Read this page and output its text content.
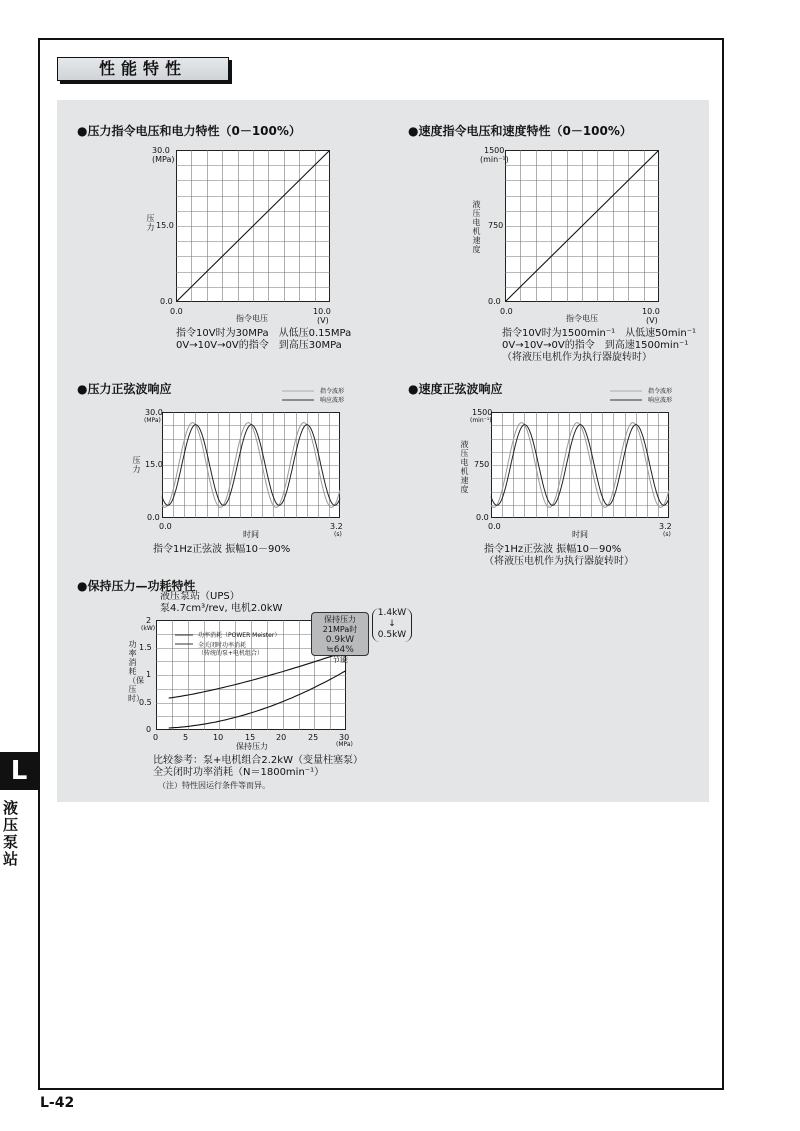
性能特性
●压力指令电压和电力特性（0－100%）
30.0
(MPa)
15.0
0.0
压力
0.0	10.0
(V)
指令电压
指令10V时为30MPa　从低压0.15MPa
0V→10V→0V的指令　到高压30MPa
●速度指令电压和速度特性（0－100%）
1500
(min⁻¹)
750
0.0
液压电机速度
0.0	10.0
(V)
指令电压
指令10V时为1500min⁻¹　从低速50min⁻¹
0V→10V→0V的指令　到高速1500min⁻¹
（将液压电机作为执行器旋转时）
●压力正弦波响应	指令波形
响应波形
30.0
(MPa)
15.0
0.0
压力
0.0	3.2
(s)
时间
指令1Hz正弦波 振幅10－90%
●速度正弦波响应	指令波形
响应波形
1500
(min⁻¹)
750
0.0
液压电机速度
0.0	3.2
(s)
时间
指令1Hz正弦波 振幅10－90%
（将液压电机作为执行器旋转时）
●保持压力—功耗特性
液压泵站（UPS）
泵4.7cm³/rev, 电机2.0kW
功率消耗（POWER Meister）
全关闭时功率消耗
（传统的泵+电机组合）
保持压力21MPa时
0.9kW
≒64%
节能
1.4kW
↓
0.5kW
2
(kW)
1.5
1
0.5
0
功率消耗（保压时）
0	5	10	15	20	25	30
(MPa)
保持压力
比较参考：泵+电机组合2.2kW（变量柱塞泵）
全关闭时功率消耗（N＝1800min⁻¹）
（注）特性因运行条件等而异。
L
液压泵站
L-42
